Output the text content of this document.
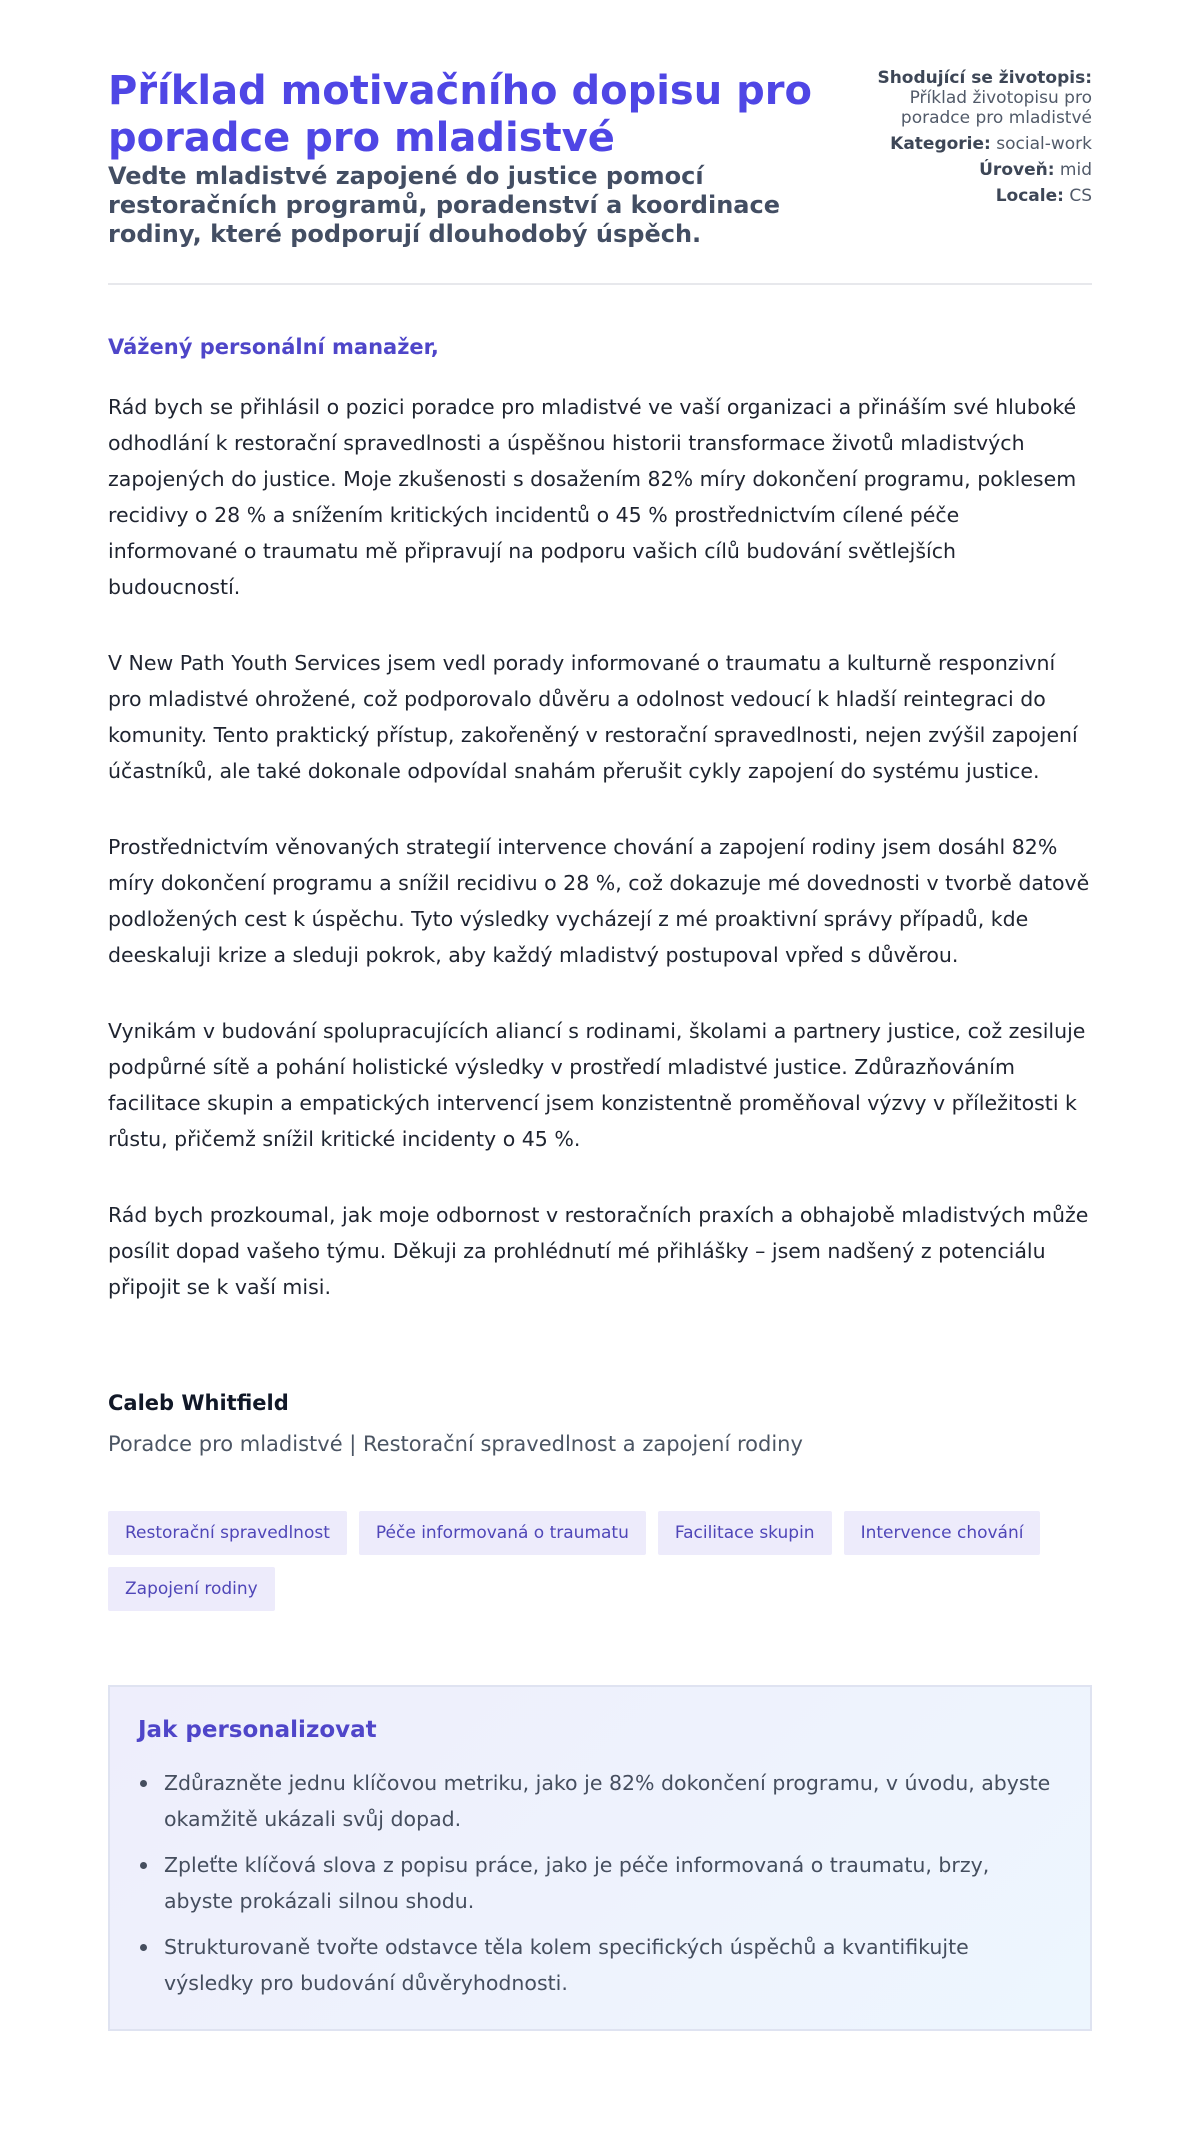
Příklad motivačního dopisu pro poradce pro mladistvé
Vedte mladistvé zapojené do justice pomocí restoračních programů, poradenství a koordinace rodiny, které podporují dlouhodobý úspěch.
Shodující se životopis:
Příklad životopisu pro poradce pro mladistvé
Kategorie: social-work
Úroveň: mid
Locale: CS

Vážený personální manažer,

Rád bych se přihlásil o pozici poradce pro mladistvé ve vaší organizaci a přináším své hluboké odhodlání k restorační spravedlnosti a úspěšnou historii transformace životů mladistvých zapojených do justice. Moje zkušenosti s dosažením 82% míry dokončení programu, poklesem recidivy o 28 % a snížením kritických incidentů o 45 % prostřednictvím cílené péče informované o traumatu mě připravují na podporu vašich cílů budování světlejších budoucností.

V New Path Youth Services jsem vedl porady informované o traumatu a kulturně responzivní pro mladistvé ohrožené, což podporovalo důvěru a odolnost vedoucí k hladší reintegraci do komunity. Tento praktický přístup, zakořeněný v restorační spravedlnosti, nejen zvýšil zapojení účastníků, ale také dokonale odpovídal snahám přerušit cykly zapojení do systému justice.

Prostřednictvím věnovaných strategií intervence chování a zapojení rodiny jsem dosáhl 82% míry dokončení programu a snížil recidivu o 28 %, což dokazuje mé dovednosti v tvorbě datově podložených cest k úspěchu. Tyto výsledky vycházejí z mé proaktivní správy případů, kde deeskaluji krize a sleduji pokrok, aby každý mladistvý postupoval vpřed s důvěrou.

Vynikám v budování spolupracujících aliancí s rodinami, školami a partnery justice, což zesiluje podpůrné sítě a pohání holistické výsledky v prostředí mladistvé justice. Zdůrazňováním facilitace skupin a empatických intervencí jsem konzistentně proměňoval výzvy v příležitosti k růstu, přičemž snížil kritické incidenty o 45 %.

Rád bych prozkoumal, jak moje odbornost v restoračních praxích a obhajobě mladistvých může posílit dopad vašeho týmu. Děkuji za prohlédnutí mé přihlášky – jsem nadšený z potenciálu připojit se k vaší misi.

Caleb Whitfield

Poradce pro mladistvé | Restorační spravedlnost a zapojení rodiny

Restorační spravedlnost	Péče informovaná o traumatu	Facilitace skupin	Intervence chování
Zapojení rodiny
Jak personalizovat
Zdůrazněte jednu klíčovou metriku, jako je 82% dokončení programu, v úvodu, abyste okamžitě ukázali svůj dopad.
Zpleťte klíčová slova z popisu práce, jako je péče informovaná o traumatu, brzy, abyste prokázali silnou shodu.
Strukturovaně tvořte odstavce těla kolem specifických úspěchů a kvantifikujte výsledky pro budování důvěryhodnosti.
